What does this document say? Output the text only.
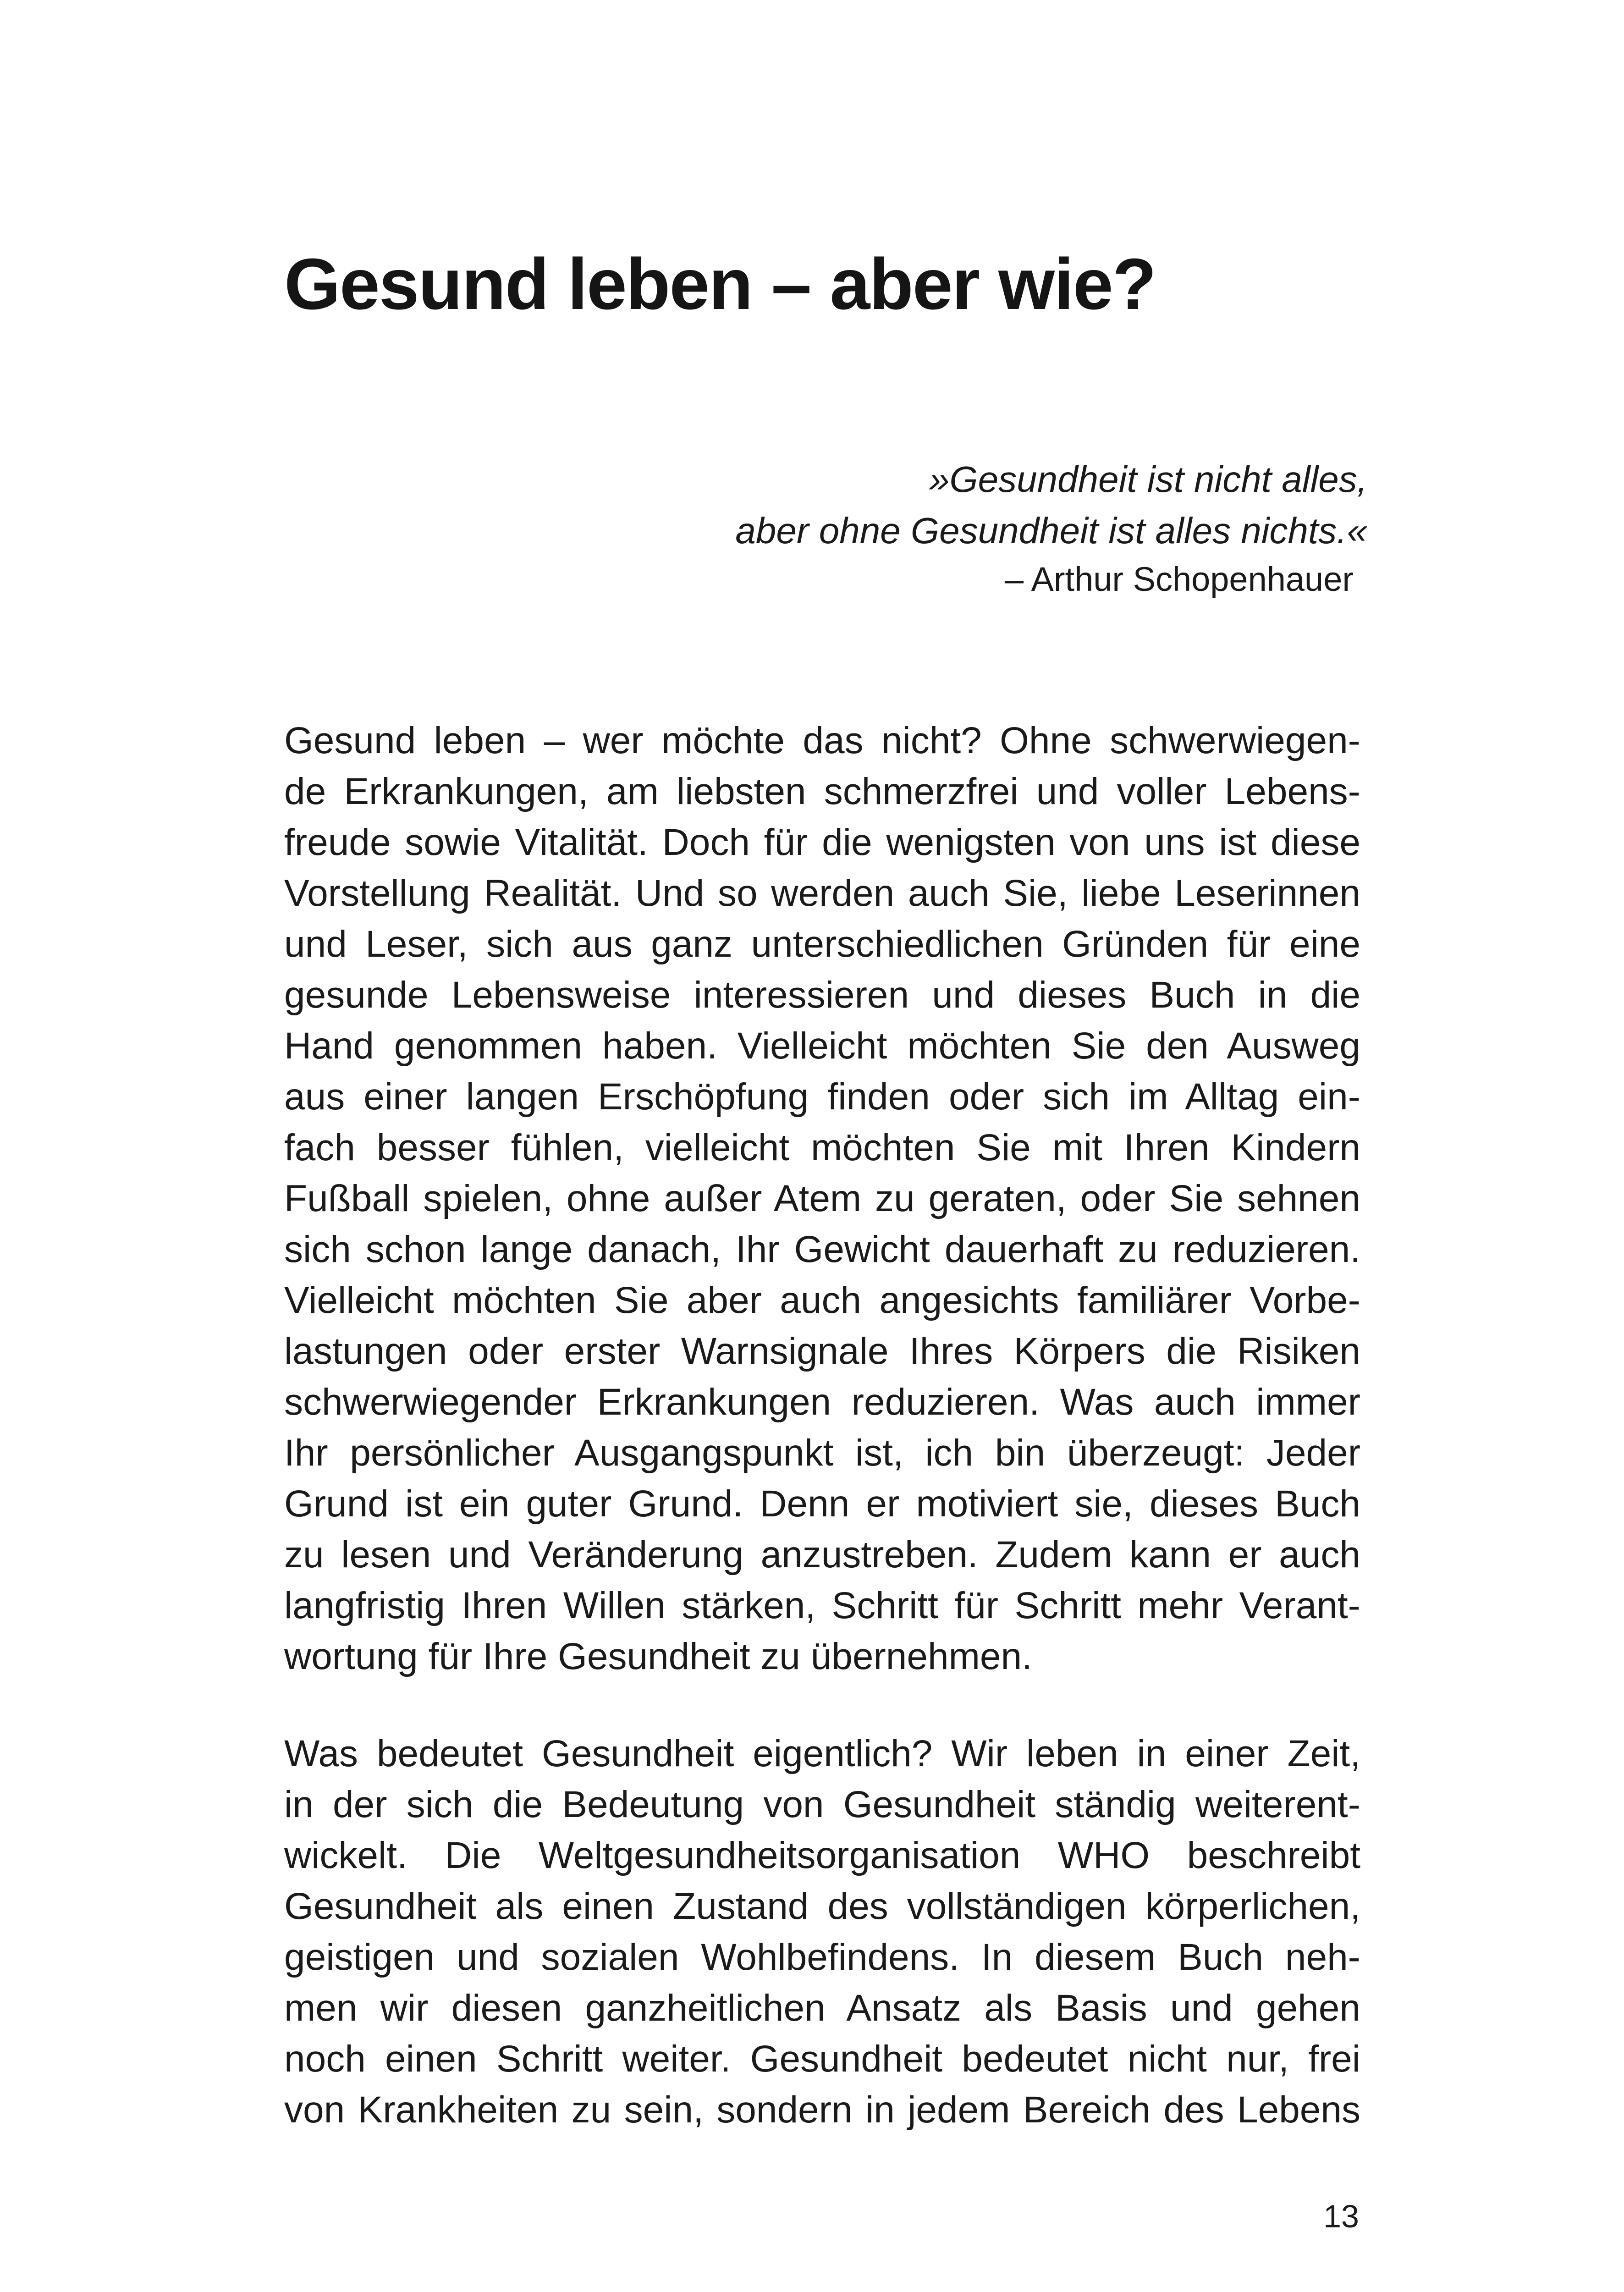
Gesund leben – aber wie?
»Gesundheit ist nicht alles,
aber ohne Gesundheit ist alles nichts.«
– Arthur Schopenhauer
Gesund leben – wer möchte das nicht? Ohne schwerwiegen-
de Erkrankungen, am liebsten schmerzfrei und voller Lebens-
freude sowie Vitalität. Doch für die wenigsten von uns ist diese
Vorstellung Realität. Und so werden auch Sie, liebe Leserinnen
und Leser, sich aus ganz unterschiedlichen Gründen für eine
gesunde Lebensweise interessieren und dieses Buch in die
Hand genommen haben. Vielleicht möchten Sie den Ausweg
aus einer langen Erschöpfung finden oder sich im Alltag ein-
fach besser fühlen, vielleicht möchten Sie mit Ihren Kindern
Fußball spielen, ohne außer Atem zu geraten, oder Sie sehnen
sich schon lange danach, Ihr Gewicht dauerhaft zu reduzieren.
Vielleicht möchten Sie aber auch angesichts familiärer Vorbe-
lastungen oder erster Warnsignale Ihres Körpers die Risiken
schwerwiegender Erkrankungen reduzieren. Was auch immer
Ihr persönlicher Ausgangspunkt ist, ich bin überzeugt: Jeder
Grund ist ein guter Grund. Denn er motiviert sie, dieses Buch
zu lesen und Veränderung anzustreben. Zudem kann er auch
langfristig Ihren Willen stärken, Schritt für Schritt mehr Verant-
wortung für Ihre Gesundheit zu übernehmen.
Was bedeutet Gesundheit eigentlich? Wir leben in einer Zeit,
in der sich die Bedeutung von Gesundheit ständig weiterent-
wickelt. Die Weltgesundheitsorganisation WHO beschreibt
Gesundheit als einen Zustand des vollständigen körperlichen,
geistigen und sozialen Wohlbefindens. In diesem Buch neh-
men wir diesen ganzheitlichen Ansatz als Basis und gehen
noch einen Schritt weiter. Gesundheit bedeutet nicht nur, frei
von Krankheiten zu sein, sondern in jedem Bereich des Lebens
13
